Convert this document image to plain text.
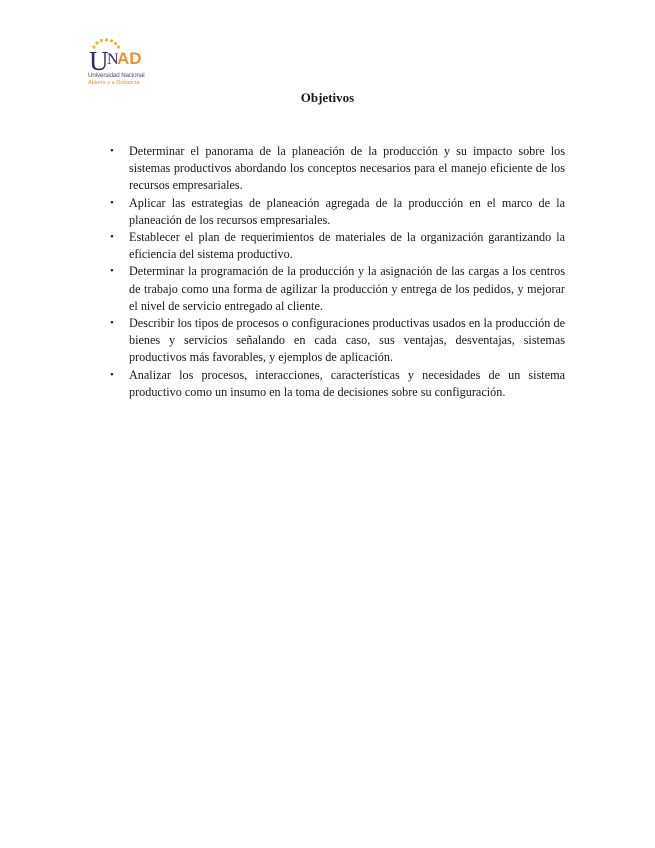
U
N
AD
Universidad Nacional
Abierta y a Distancia
Objetivos
• Determinar el panorama de la planeación de la producción y su impacto sobre los sistemas productivos abordando los conceptos necesarios para el manejo eficiente de los recursos empresariales.
• Aplicar las estrategias de planeación agregada de la producción en el marco de la planeación de los recursos empresariales.
• Establecer el plan de requerimientos de materiales de la organización garantizando la eficiencia del sistema productivo.
• Determinar la programación de la producción y la asignación de las cargas a los centros de trabajo como una forma de agilizar la producción y entrega de los pedidos, y mejorar el nivel de servicio entregado al cliente.
• Describir los tipos de procesos o configuraciones productivas usados en la producción de bienes y servicios señalando en cada caso, sus ventajas, desventajas, sistemas productivos más favorables, y ejemplos de aplicación.
• Analizar los procesos, interacciones, características y necesidades de un sistema productivo como un insumo en la toma de decisiones sobre su configuración.
